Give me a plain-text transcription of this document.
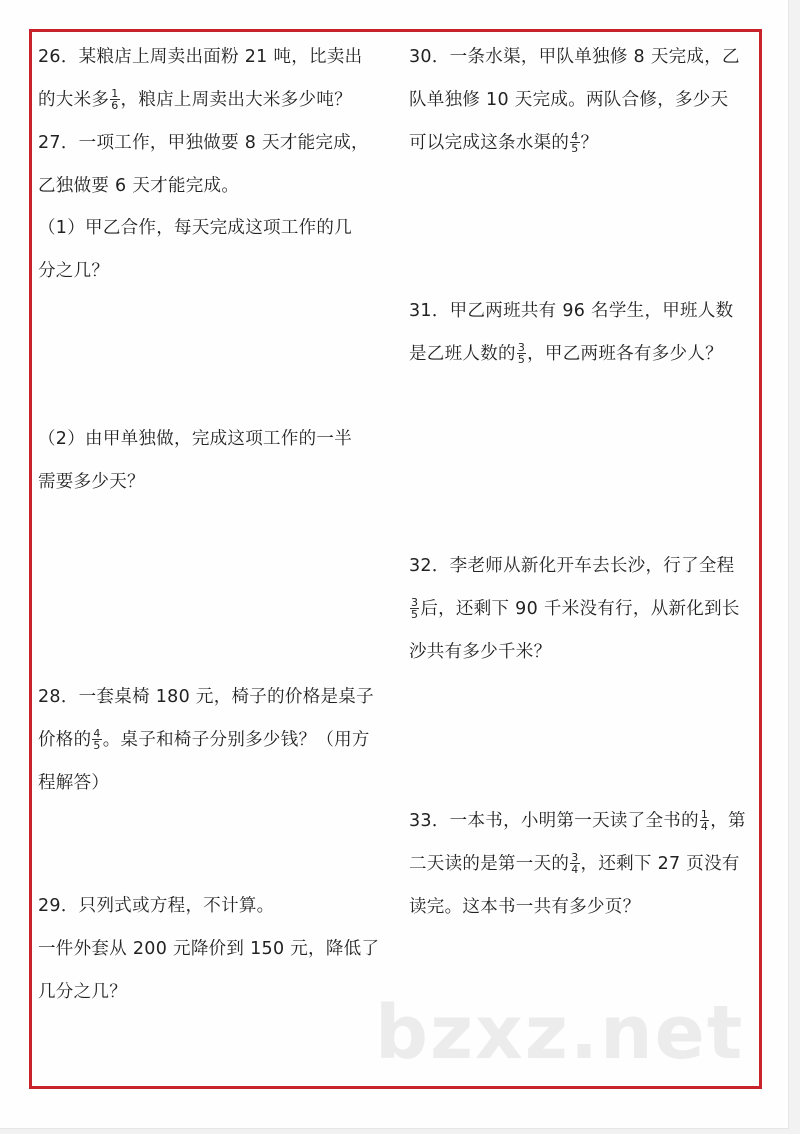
26．某粮店上周卖出面粉 21 吨，比卖出
的大米多 $\frac{1}{6}$ ，粮店上周卖出大米多少吨？
27．一项工作，甲独做要 8 天才能完成，
乙独做要 6 天才能完成。
（1）甲乙合作，每天完成这项工作的几
分之几？
（2）由甲单独做，完成这项工作的一半
需要多少天？
28．一套桌椅 180 元，椅子的价格是桌子
价格的 $\frac{4}{5}$ 。桌子和椅子分别多少钱？（用方
程解答）
29．只列式或方程，不计算。
一件外套从 200 元降价到 150 元，降低了
几分之几？
30．一条水渠，甲队单独修 8 天完成，乙
队单独修 10 天完成。两队合修，多少天
可以完成这条水渠的 $\frac{4}{5}$ ？
31．甲乙两班共有 96 名学生，甲班人数
是乙班人数的 $\frac{3}{5}$ ，甲乙两班各有多少人？
32．李老师从新化开车去长沙，行了全程
$\frac{3}{5}$ 后，还剩下 90 千米没有行，从新化到长
沙共有多少千米？
33．一本书，小明第一天读了全书的 $\frac{1}{4}$ ，第
二天读的是第一天的 $\frac{3}{4}$ ，还剩下 27 页没有
读完。这本书一共有多少页？
bzxz.net
